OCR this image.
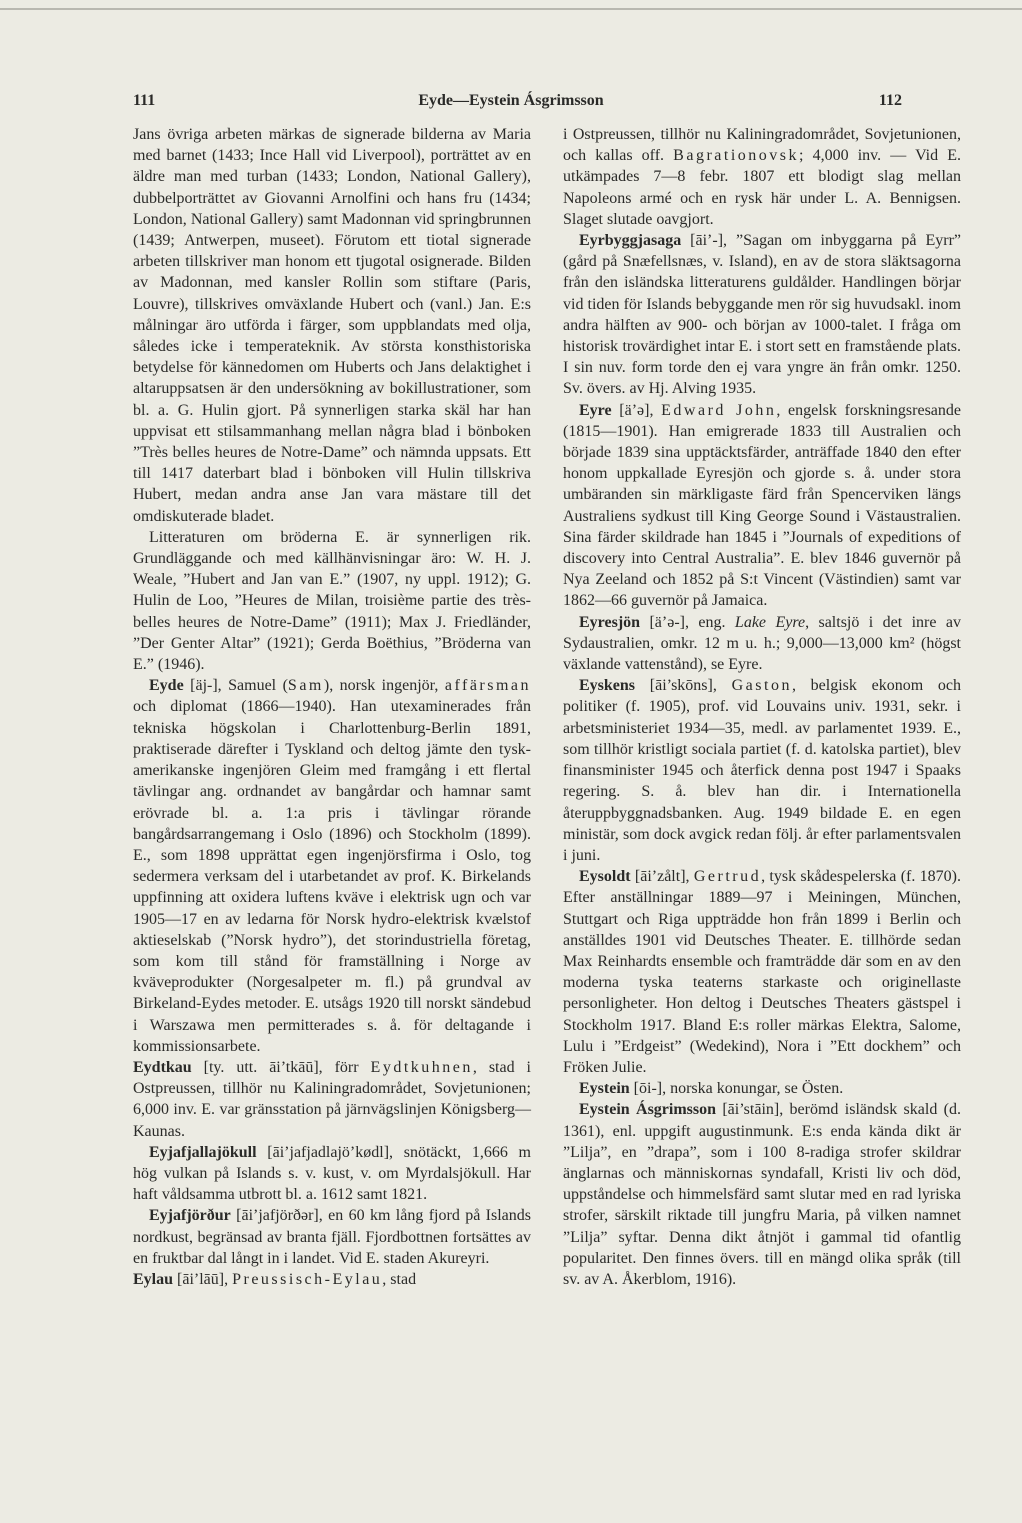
Eyde—Eystein Ásgrimsson
111	112

Jans övriga arbeten märkas de signerade bilderna av Maria med barnet (1433; Ince Hall vid Liverpool), porträttet av en äldre man med turban (1433; London, National Gallery), dubbelporträttet av Giovanni Arnolfini och hans fru (1434; London, National Gallery) samt Madonnan vid springbrunnen (1439; Antwerpen, museet). Förutom ett tiotal signerade arbeten tillskriver man honom ett tjugotal osignerade. Bilden av Madonnan, med kansler Rollin som stiftare (Paris, Louvre), tillskrives omväxlande Hubert och (vanl.) Jan. E:s målningar äro utförda i färger, som uppblandats med olja, således icke i temperateknik. Av största konsthistoriska betydelse för kännedomen om Huberts och Jans delaktighet i altaruppsatsen är den undersökning av bokillustrationer, som bl. a. G. Hulin gjort. På synnerligen starka skäl har han uppvisat ett stilsammanhang mellan några blad i bönboken ”Très belles heures de Notre-Dame” och nämnda uppsats. Ett till 1417 daterbart blad i bönboken vill Hulin tillskriva Hubert, medan andra anse Jan vara mästare till det omdiskuterade bladet.

Litteraturen om bröderna E. är synnerligen rik. Grundläggande och med källhänvisningar äro: W. H. J. Weale, ”Hubert and Jan van E.” (1907, ny uppl. 1912); G. Hulin de Loo, ”Heures de Milan, troisième partie des très-belles heures de Notre-Dame” (1911); Max J. Friedländer, ”Der Genter Altar” (1921); Gerda Boëthius, ”Bröderna van E.” (1946).

Eyde [äj-], Samuel (Sam), norsk ingenjör, affärsman och diplomat (1866—1940). Han utexaminerades från tekniska högskolan i Charlottenburg-Berlin 1891, praktiserade därefter i Tyskland och deltog jämte den tysk-amerikanske ingenjören Gleim med framgång i ett flertal tävlingar ang. ordnandet av bangårdar och hamnar samt erövrade bl. a. 1:a pris i tävlingar rörande bangårdsarrangemang i Oslo (1896) och Stockholm (1899). E., som 1898 upprättat egen ingenjörsfirma i Oslo, tog sedermera verksam del i utarbetandet av prof. K. Birkelands uppfinning att oxidera luftens kväve i elektrisk ugn och var 1905—17 en av ledarna för Norsk hydro-elektrisk kvælstof aktieselskab (”Norsk hydro”), det storindustriella företag, som kom till stånd för framställning i Norge av kväveprodukter (Norgesalpeter m. fl.) på grundval av Birkeland-Eydes metoder. E. utsågs 1920 till norskt sändebud i Warszawa men permitterades s. å. för deltagande i kommissionsarbete.

Eydtkau [ty. utt. āi’tkāū], förr Eydtkuhnen, stad i Ostpreussen, tillhör nu Kaliningradområdet, Sovjetunionen; 6,000 inv. E. var gränsstation på järnvägslinjen Königsberg—Kaunas.

Eyjafjallajökull [āi’jafjadlajö’kødl], snötäckt, 1,666 m hög vulkan på Islands s. v. kust, v. om Myrdalsjökull. Har haft våldsamma utbrott bl. a. 1612 samt 1821.

Eyjafjörður [āi’jafjörðər], en 60 km lång fjord på Islands nordkust, begränsad av branta fjäll. Fjordbottnen fortsättes av en fruktbar dal långt in i landet. Vid E. staden Akureyri.

Eylau [āi’lāū], Preussisch-Eylau, stad

i Ostpreussen, tillhör nu Kaliningradområdet, Sovjetunionen, och kallas off. Bagrationovsk; 4,000 inv. — Vid E. utkämpades 7—8 febr. 1807 ett blodigt slag mellan Napoleons armé och en rysk här under L. A. Bennigsen. Slaget slutade oavgjort.

Eyrbyggjasaga [āi’-], ”Sagan om inbyggarna på Eyrr” (gård på Snæfellsnæs, v. Island), en av de stora släktsagorna från den isländska litteraturens guldålder. Handlingen börjar vid tiden för Islands bebyggande men rör sig huvudsakl. inom andra hälften av 900- och början av 1000-talet. I fråga om historisk trovärdighet intar E. i stort sett en framstående plats. I sin nuv. form torde den ej vara yngre än från omkr. 1250. Sv. övers. av Hj. Alving 1935.

Eyre [ä’ə], Edward John, engelsk forskningsresande (1815—1901). Han emigrerade 1833 till Australien och började 1839 sina upptäcktsfärder, anträffade 1840 den efter honom uppkallade Eyresjön och gjorde s. å. under stora umbäranden sin märkligaste färd från Spencerviken längs Australiens sydkust till King George Sound i Västaustralien. Sina färder skildrade han 1845 i ”Journals of expeditions of discovery into Central Australia”. E. blev 1846 guvernör på Nya Zeeland och 1852 på S:t Vincent (Västindien) samt var 1862—66 guvernör på Jamaica.

Eyresjön [ä’ə-], eng. Lake Eyre, saltsjö i det inre av Sydaustralien, omkr. 12 m u. h.; 9,000—13,000 km² (högst växlande vattenstånd), se Eyre.

Eyskens [āi’skōns], Gaston, belgisk ekonom och politiker (f. 1905), prof. vid Louvains univ. 1931, sekr. i arbetsministeriet 1934—35, medl. av parlamentet 1939. E., som tillhör kristligt sociala partiet (f. d. katolska partiet), blev finansminister 1945 och återfick denna post 1947 i Spaaks regering. S. å. blev han dir. i Internationella återuppbyggnadsbanken. Aug. 1949 bildade E. en egen ministär, som dock avgick redan följ. år efter parlamentsvalen i juni.

Eysoldt [āi’zålt], Gertrud, tysk skådespelerska (f. 1870). Efter anställningar 1889—97 i Meiningen, München, Stuttgart och Riga uppträdde hon från 1899 i Berlin och anställdes 1901 vid Deutsches Theater. E. tillhörde sedan Max Reinhardts ensemble och framträdde där som en av den moderna tyska teaterns starkaste och originellaste personligheter. Hon deltog i Deutsches Theaters gästspel i Stockholm 1917. Bland E:s roller märkas Elektra, Salome, Lulu i ”Erdgeist” (Wedekind), Nora i ”Ett dockhem” och Fröken Julie.

Eystein [ōi-], norska konungar, se Östen.

Eystein Ásgrimsson [āi’stāin], berömd isländsk skald (d. 1361), enl. uppgift augustinmunk. E:s enda kända dikt är ”Lilja”, en ”drapa”, som i 100 8-radiga strofer skildrar änglarnas och människornas syndafall, Kristi liv och död, uppståndelse och himmelsfärd samt slutar med en rad lyriska strofer, särskilt riktade till jungfru Maria, på vilken namnet ”Lilja” syftar. Denna dikt åtnjöt i gammal tid ofantlig popularitet. Den finnes övers. till en mängd olika språk (till sv. av A. Åkerblom, 1916).
